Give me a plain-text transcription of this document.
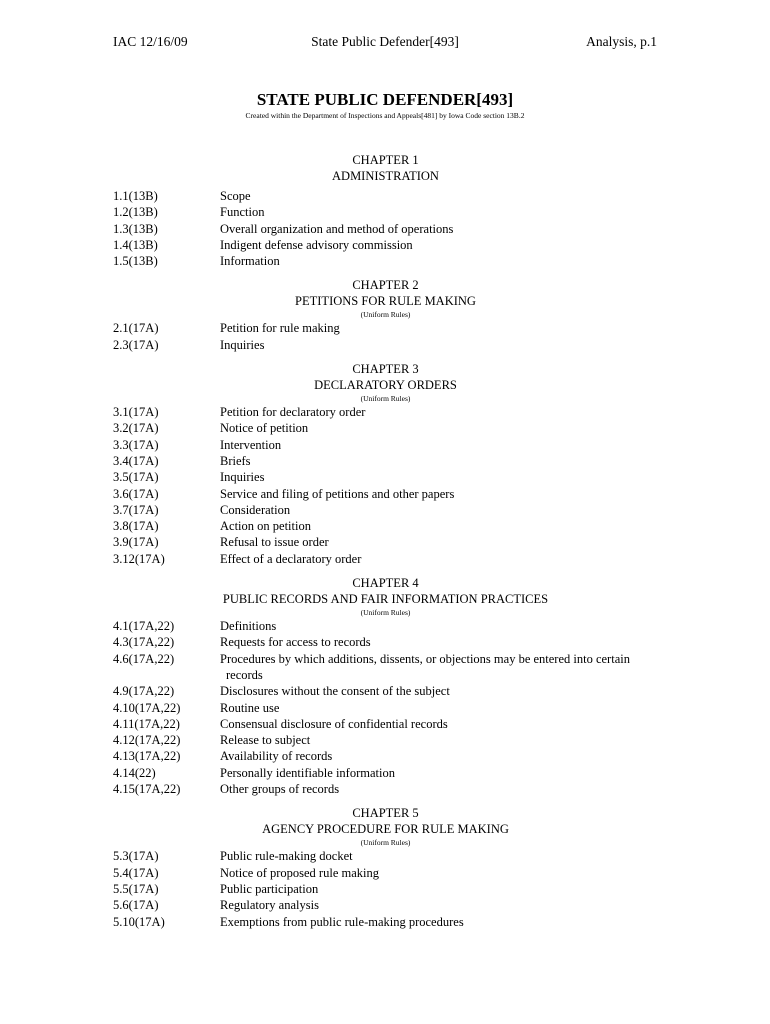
IAC 12/16/09	State Public Defender[493]	Analysis, p.1
STATE PUBLIC DEFENDER[493]
Created within the Department of Inspections and Appeals[481] by Iowa Code section 13B.2
CHAPTER 1
ADMINISTRATION
1.1(13B)	Scope
1.2(13B)	Function
1.3(13B)	Overall organization and method of operations
1.4(13B)	Indigent defense advisory commission
1.5(13B)	Information
CHAPTER 2
PETITIONS FOR RULE MAKING
(Uniform Rules)
2.1(17A)	Petition for rule making
2.3(17A)	Inquiries
CHAPTER 3
DECLARATORY ORDERS
(Uniform Rules)
3.1(17A)	Petition for declaratory order
3.2(17A)	Notice of petition
3.3(17A)	Intervention
3.4(17A)	Briefs
3.5(17A)	Inquiries
3.6(17A)	Service and filing of petitions and other papers
3.7(17A)	Consideration
3.8(17A)	Action on petition
3.9(17A)	Refusal to issue order
3.12(17A)	Effect of a declaratory order
CHAPTER 4
PUBLIC RECORDS AND FAIR INFORMATION PRACTICES
(Uniform Rules)
4.1(17A,22)	Definitions
4.3(17A,22)	Requests for access to records
4.6(17A,22)	Procedures by which additions, dissents, or objections may be entered into certain
records
4.9(17A,22)	Disclosures without the consent of the subject
4.10(17A,22)	Routine use
4.11(17A,22)	Consensual disclosure of confidential records
4.12(17A,22)	Release to subject
4.13(17A,22)	Availability of records
4.14(22)	Personally identifiable information
4.15(17A,22)	Other groups of records
CHAPTER 5
AGENCY PROCEDURE FOR RULE MAKING
(Uniform Rules)
5.3(17A)	Public rule-making docket
5.4(17A)	Notice of proposed rule making
5.5(17A)	Public participation
5.6(17A)	Regulatory analysis
5.10(17A)	Exemptions from public rule-making procedures
